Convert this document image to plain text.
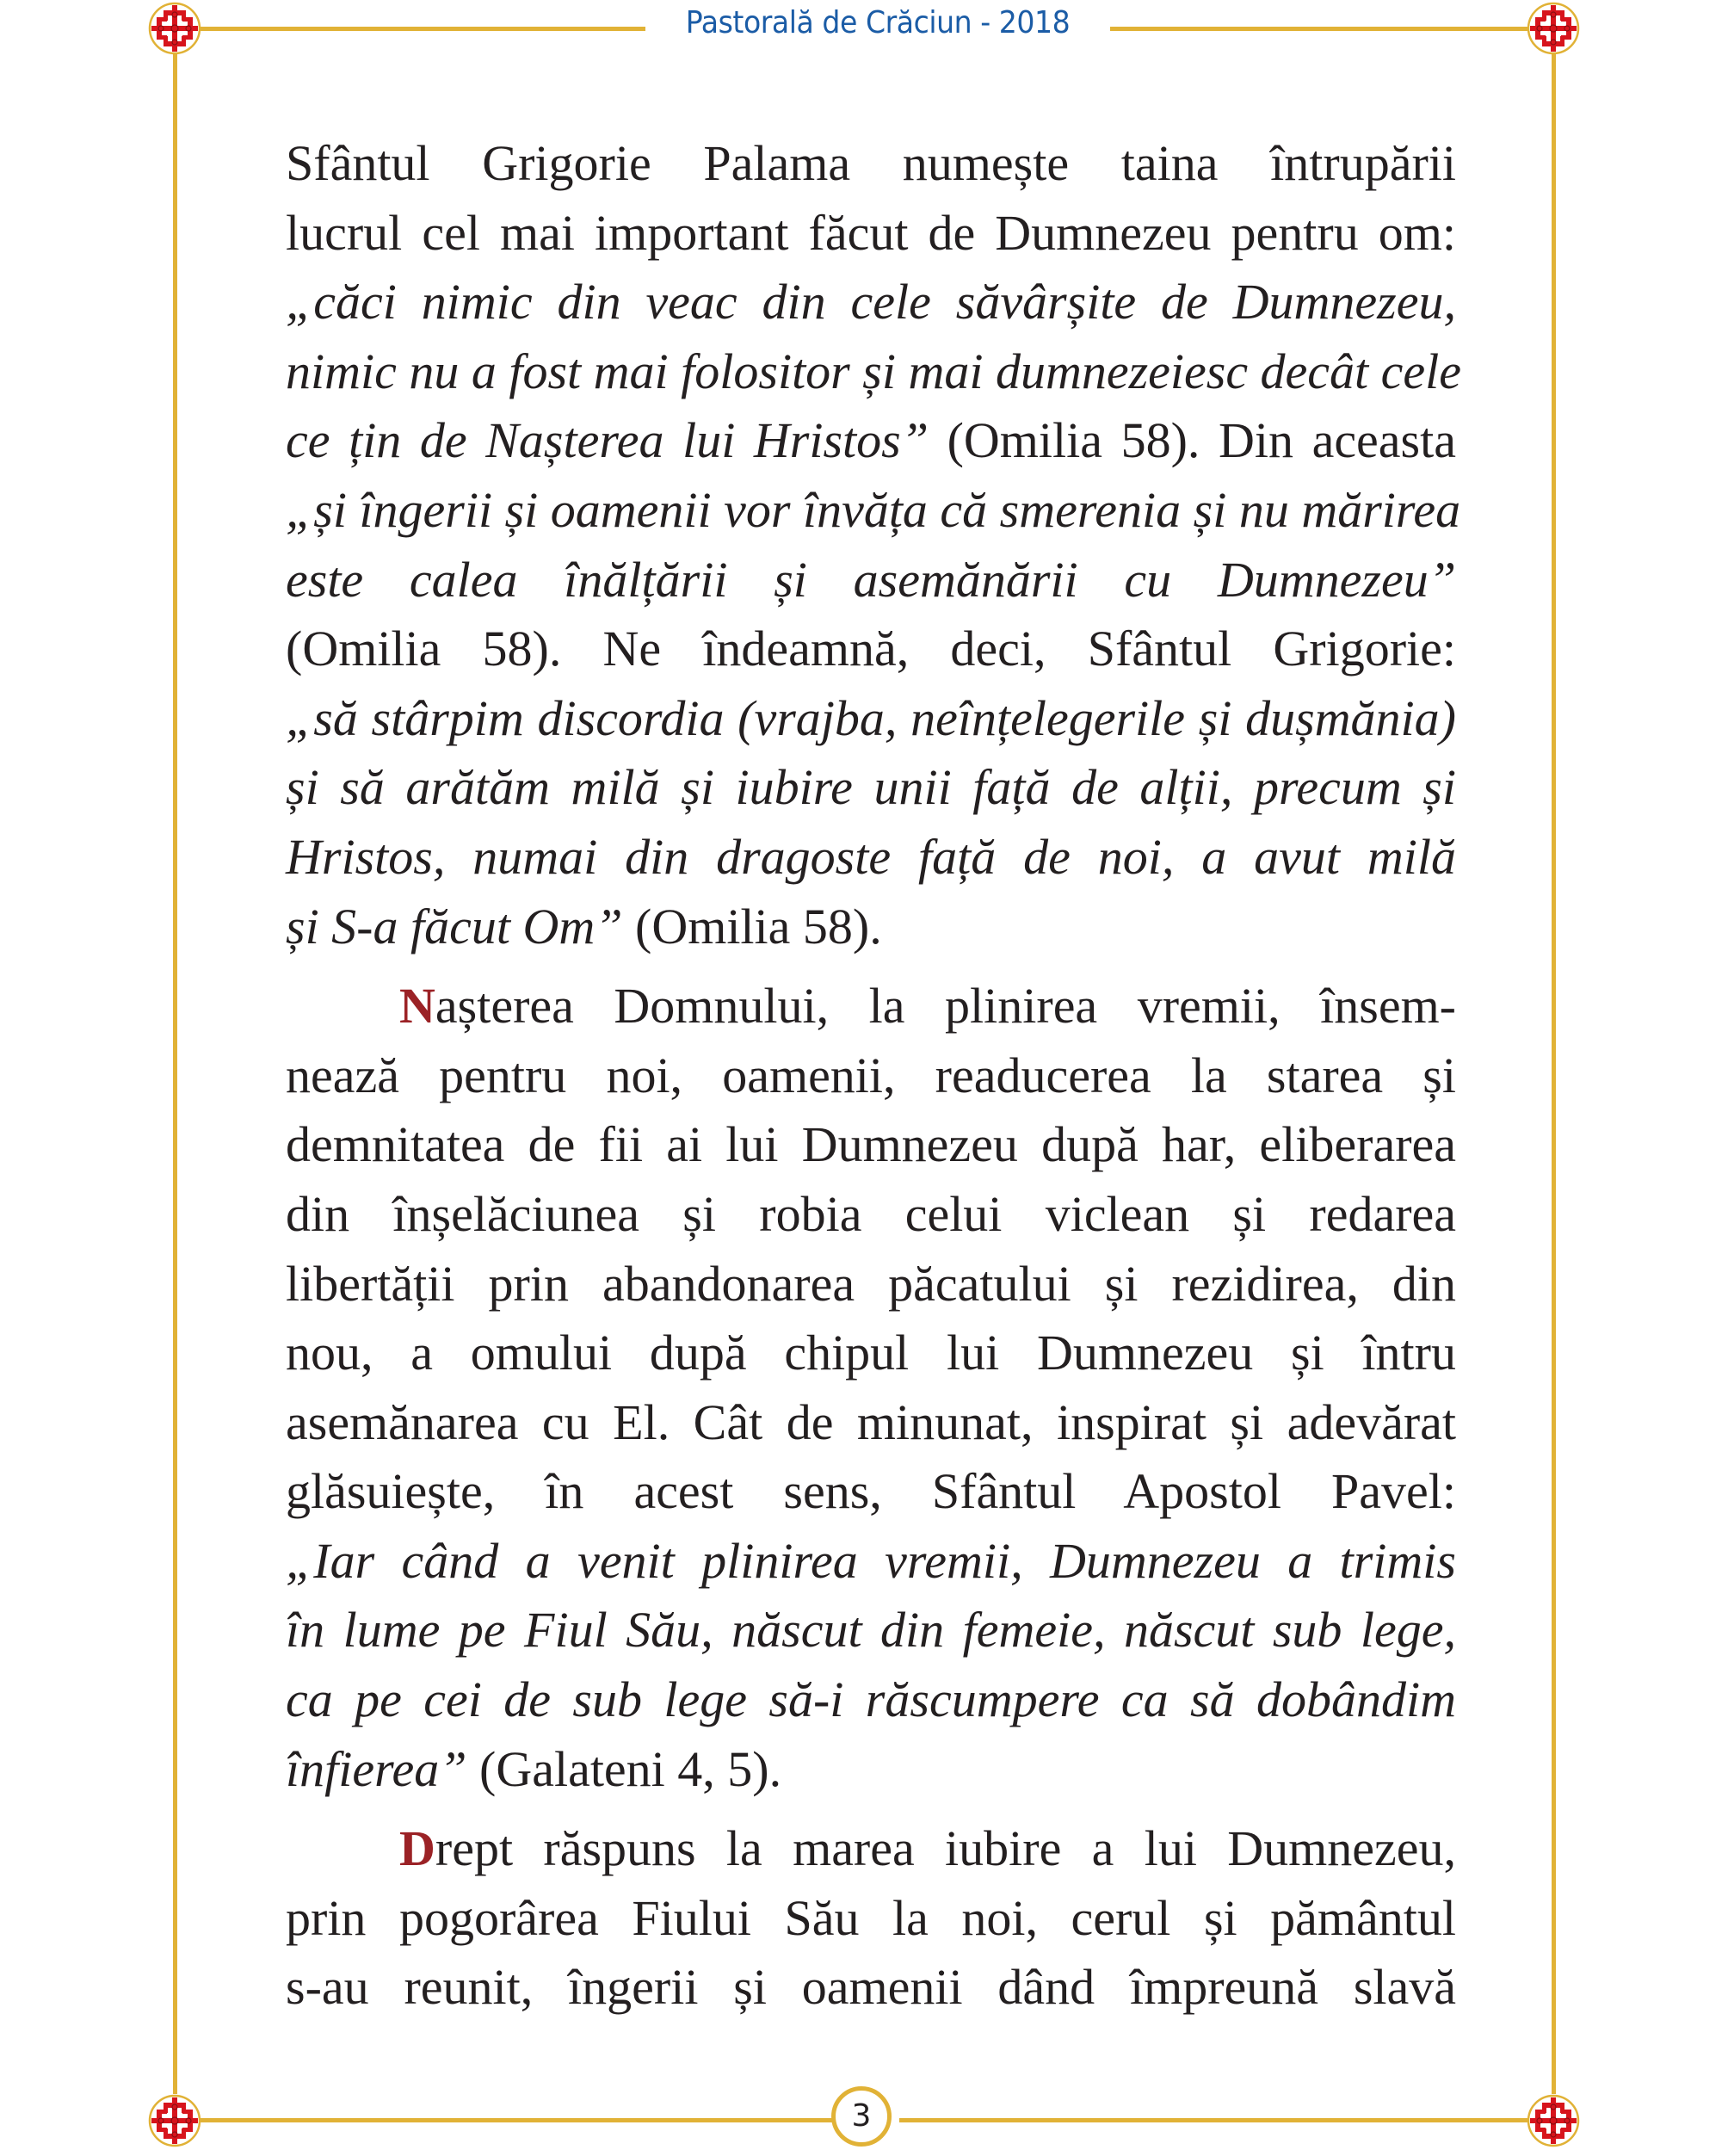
Pastorală de Crăciun - 2018
Sfântul Grigorie Palama numește taina întrupării
lucrul cel mai important făcut de Dumnezeu pentru om:
„căci nimic din veac din cele săvârșite de Dumnezeu,
nimic nu a fost mai folositor și mai dumnezeiesc decât cele
ce țin de Nașterea lui Hristos” (Omilia 58). Din aceasta
„și îngerii și oamenii vor învăța că smerenia și nu mărirea
este calea înălțării și asemănării cu Dumnezeu”
(Omilia 58). Ne îndeamnă, deci, Sfântul Grigorie:
„să stârpim discordia (vrajba, neînțelegerile și dușmănia)
și să arătăm milă și iubire unii față de alții, precum și
Hristos, numai din dragoste față de noi, a avut milă
și S-a făcut Om” (Omilia 58).
Nașterea Domnului, la plinirea vremii, însem-
nează pentru noi, oamenii, readucerea la starea și
demnitatea de fii ai lui Dumnezeu după har, eliberarea
din înșelăciunea și robia celui viclean și redarea
libertății prin abandonarea păcatului și rezidirea, din
nou, a omului după chipul lui Dumnezeu și întru
asemănarea cu El. Cât de minunat, inspirat și adevărat
glăsuiește, în acest sens, Sfântul Apostol Pavel:
„Iar când a venit plinirea vremii, Dumnezeu a trimis
în lume pe Fiul Său, născut din femeie, născut sub lege,
ca pe cei de sub lege să-i răscumpere ca să dobândim
înfierea” (Galateni 4, 5).
Drept răspuns la marea iubire a lui Dumnezeu,
prin pogorârea Fiului Său la noi, cerul și pământul
s-au reunit, îngerii și oamenii dând împreună slavă
3
